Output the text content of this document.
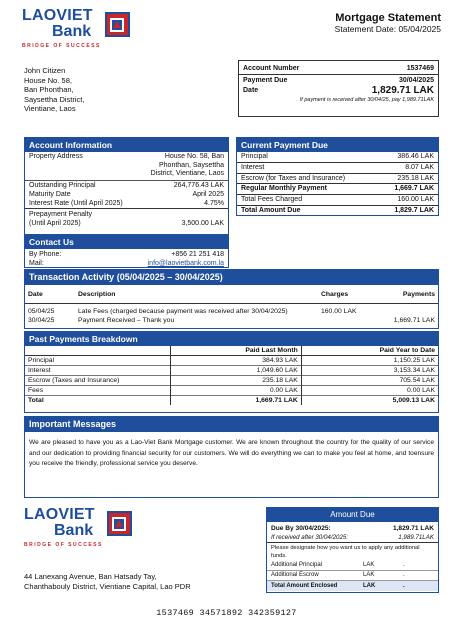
LAOVIET
Bank
BRIDGE OF SUCCESS
Mortgage Statement
Statement Date: 05/04/2025
John Citizen
House No. 58,
Ban Phonthan,
Saysettha District,
Vientiane, Laos
Account Number	1537469
Payment Due	30/04/2025
Date	1,829.71 LAK
If payment is received after 30/04/25, pay 1,989.71LAK
Account Information
Property Address	House No. 58, Ban
Phonthan, Saysettha
District, Vientiane, Laos
Outstanding Principal	264,776.43 LAK
Maturity Date	April 2025
Interest Rate (Until April 2025)	4.75%
Prepayment Penalty
(Until April 2025)	3,500.00 LAK
Contact Us
By Phone:	+856 21 251 418
Mail:	info@laovietbank.com.la
Current Payment Due
Principal	386.46 LAK
Interest	8.07 LAK
Escrow (for Taxes and Insurance)	235.18 LAK
Regular Monthly Payment	1,669.7 LAK
Total Fees Charged	160.00 LAK
Total Amount Due	1,829.7 LAK
Transaction Activity (05/04/2025 – 30/04/2025)
Date	Description	Charges	Payments
05/04/25	Late Fees (charged because payment was received after 30/04/2025)	160.00 LAK	
30/04/25	Payment Received – Thank you		1,669.71 LAK
Past Payments Breakdown
	Paid Last Month	Paid Year to Date
Principal	384.93 LAK	1,150.25 LAK
Interest	1,049.60 LAK	3,153.34 LAK
Escrow (Taxes and Insurance)	235.18 LAK	705.54 LAK
Fees	0.00 LAK	0.00 LAK
Total	1,669.71 LAK	5,009.13 LAK
Important Messages
We are pleased to have you as a Lao-Viet Bank Mortgage customer. We are known throughout the country for the quality of our service and our dedication to providing financial security for our customers. We will do everything we can to make you feel at home, and toensure you receive the friendly, professional service you deserve.
LAOVIET
Bank
BRIDGE OF SUCCESS
44 Lanexang Avenue, Ban Hatsady Tay,
Chanthabouly District, Vientiane Capital, Lao PDR
Amount Due
Due By 30/04/2025:	1,829.71 LAK
If received after 30/04/2025:	1,989.71LAK
Please designate how you want us to apply any additional funds.
Additional Principal	LAK	.
Additional Escrow	LAK	.
Total Amount Enclosed	LAK	.
1537469 34571892 342359127
